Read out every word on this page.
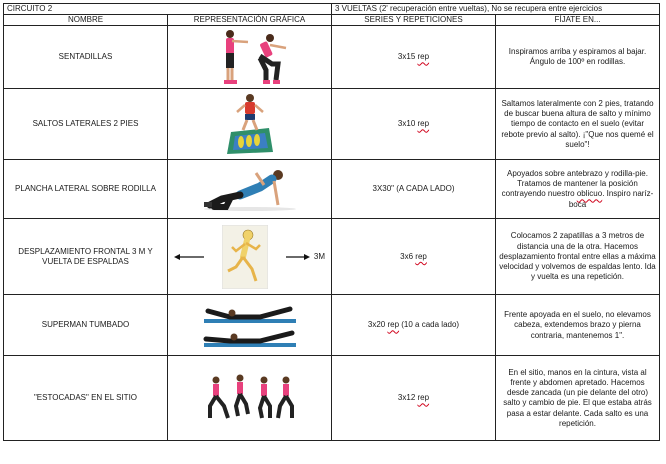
CIRCUITO 2		3 VUELTAS (2' recuperación entre vueltas), No se recupera entre ejercicios	
NOMBRE	REPRESENTACIÓN GRÁFICA	SERIES Y REPETICIONES	FÍJATE EN...
SENTADILLAS		3x15 rep	Inspiramos arriba y espiramos al bajar. Ángulo de 100º en rodillas.
SALTOS LATERALES 2 PIES		3x10 rep	Saltamos lateralmente con 2 pies, tratando de buscar buena altura de salto y mínimo tiempo de contacto en el suelo (evitar rebote previo al salto). ¡"Que nos quemé el suelo"!
PLANCHA LATERAL SOBRE RODILLA		3X30" (A CADA LADO)	Apoyados sobre antebrazo y rodilla-pie. Tratamos de mantener la posición contrayendo nuestro oblicuo. Inspiro naríz-boca
DESPLAZAMIENTO FRONTAL 3 M Y VUELTA DE ESPALDAS	3M	3x6 rep	Colocamos 2 zapatillas a 3 metros de distancia una de la otra. Hacemos desplazamiento frontal entre ellas a máxima velocidad y volvemos de espaldas lento. Ida y vuelta es una repetición.
SUPERMAN TUMBADO		3x20 rep (10 a cada lado)	Frente apoyada en el suelo, no elevamos cabeza, extendemos brazo y pierna contraria, mantenemos 1".
"ESTOCADAS" EN EL SITIO		3x12 rep	En el sitio, manos en la cintura, vista al frente y abdomen apretado. Hacemos desde zancada (un pie delante del otro) salto y cambio de pie. El que estaba atrás pasa a estar delante. Cada salto es una repetición.
